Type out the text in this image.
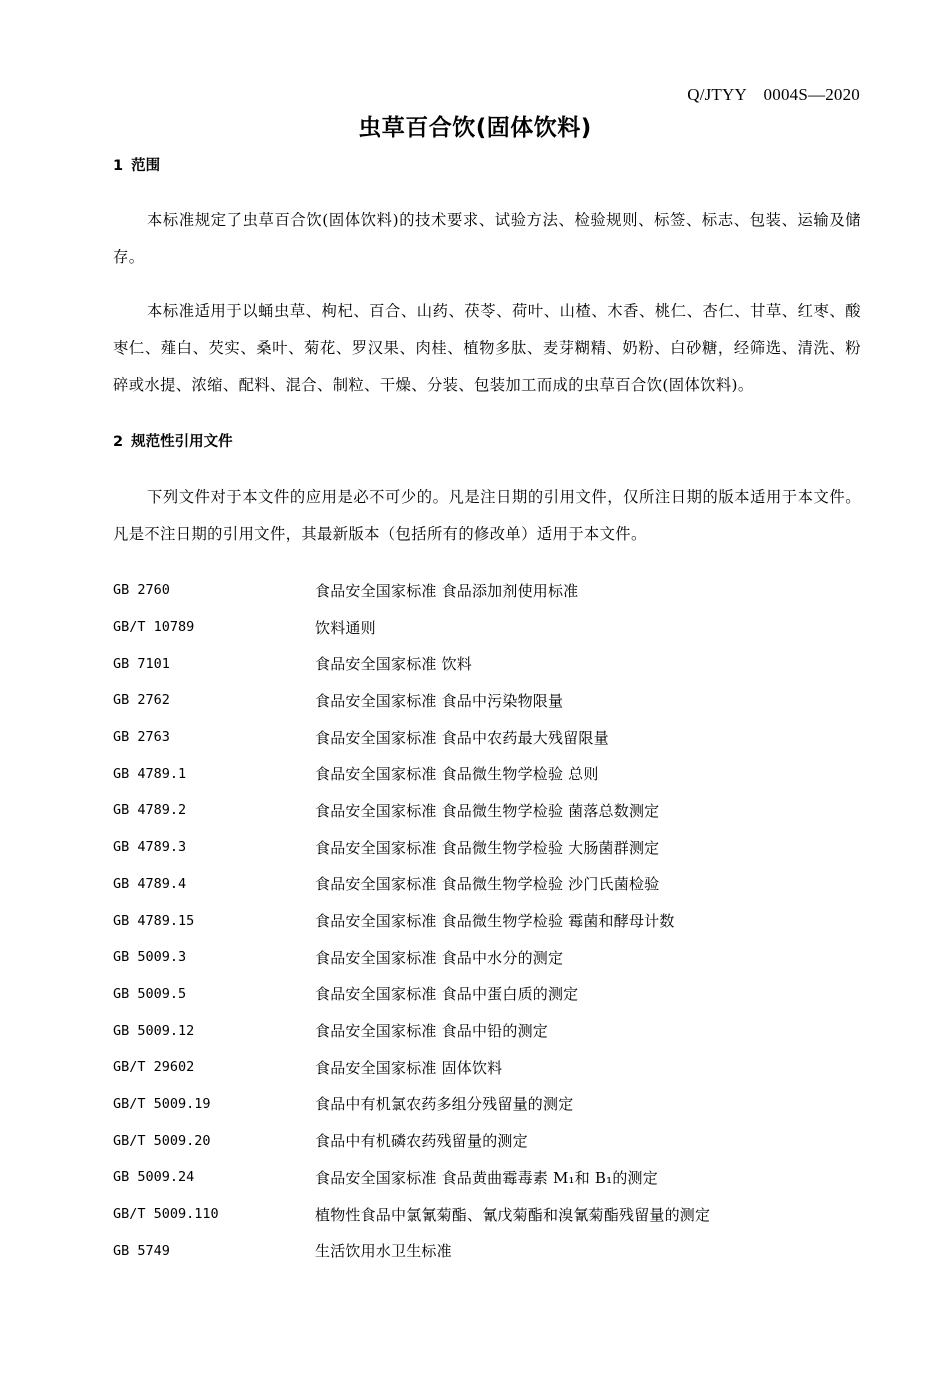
Q/JTYY　0004S—2020
虫草百合饮(固体饮料)
1 范围
本标准规定了虫草百合饮(固体饮料)的技术要求、试验方法、检验规则、标签、标志、包装、运输及储存。
本标准适用于以蛹虫草、枸杞、百合、山药、茯苓、荷叶、山楂、木香、桃仁、杏仁、甘草、红枣、酸枣仁、薤白、芡实、桑叶、菊花、罗汉果、肉桂、植物多肽、麦芽糊精、奶粉、白砂糖，经筛选、清洗、粉碎或水提、浓缩、配料、混合、制粒、干燥、分装、包装加工而成的虫草百合饮(固体饮料)。
2 规范性引用文件
下列文件对于本文件的应用是必不可少的。凡是注日期的引用文件，仅所注日期的版本适用于本文件。凡是不注日期的引用文件，其最新版本（包括所有的修改单）适用于本文件。
GB 2760	食品安全国家标准 食品添加剂使用标准
GB/T 10789	饮料通则
GB 7101	食品安全国家标准 饮料
GB 2762	食品安全国家标准 食品中污染物限量
GB 2763	食品安全国家标准 食品中农药最大残留限量
GB 4789.1	食品安全国家标准 食品微生物学检验 总则
GB 4789.2	食品安全国家标准 食品微生物学检验 菌落总数测定
GB 4789.3	食品安全国家标准 食品微生物学检验 大肠菌群测定
GB 4789.4	食品安全国家标准 食品微生物学检验 沙门氏菌检验
GB 4789.15	食品安全国家标准 食品微生物学检验 霉菌和酵母计数
GB 5009.3	食品安全国家标准 食品中水分的测定
GB 5009.5	食品安全国家标准 食品中蛋白质的测定
GB 5009.12	食品安全国家标准 食品中铅的测定
GB/T 29602	食品安全国家标准 固体饮料
GB/T 5009.19	食品中有机氯农药多组分残留量的测定
GB/T 5009.20	食品中有机磷农药残留量的测定
GB 5009.24	食品安全国家标准 食品黄曲霉毒素 M₁和 B₁的测定
GB/T 5009.110	植物性食品中氯氰菊酯、氰戊菊酯和溴氰菊酯残留量的测定
GB 5749	生活饮用水卫生标准
